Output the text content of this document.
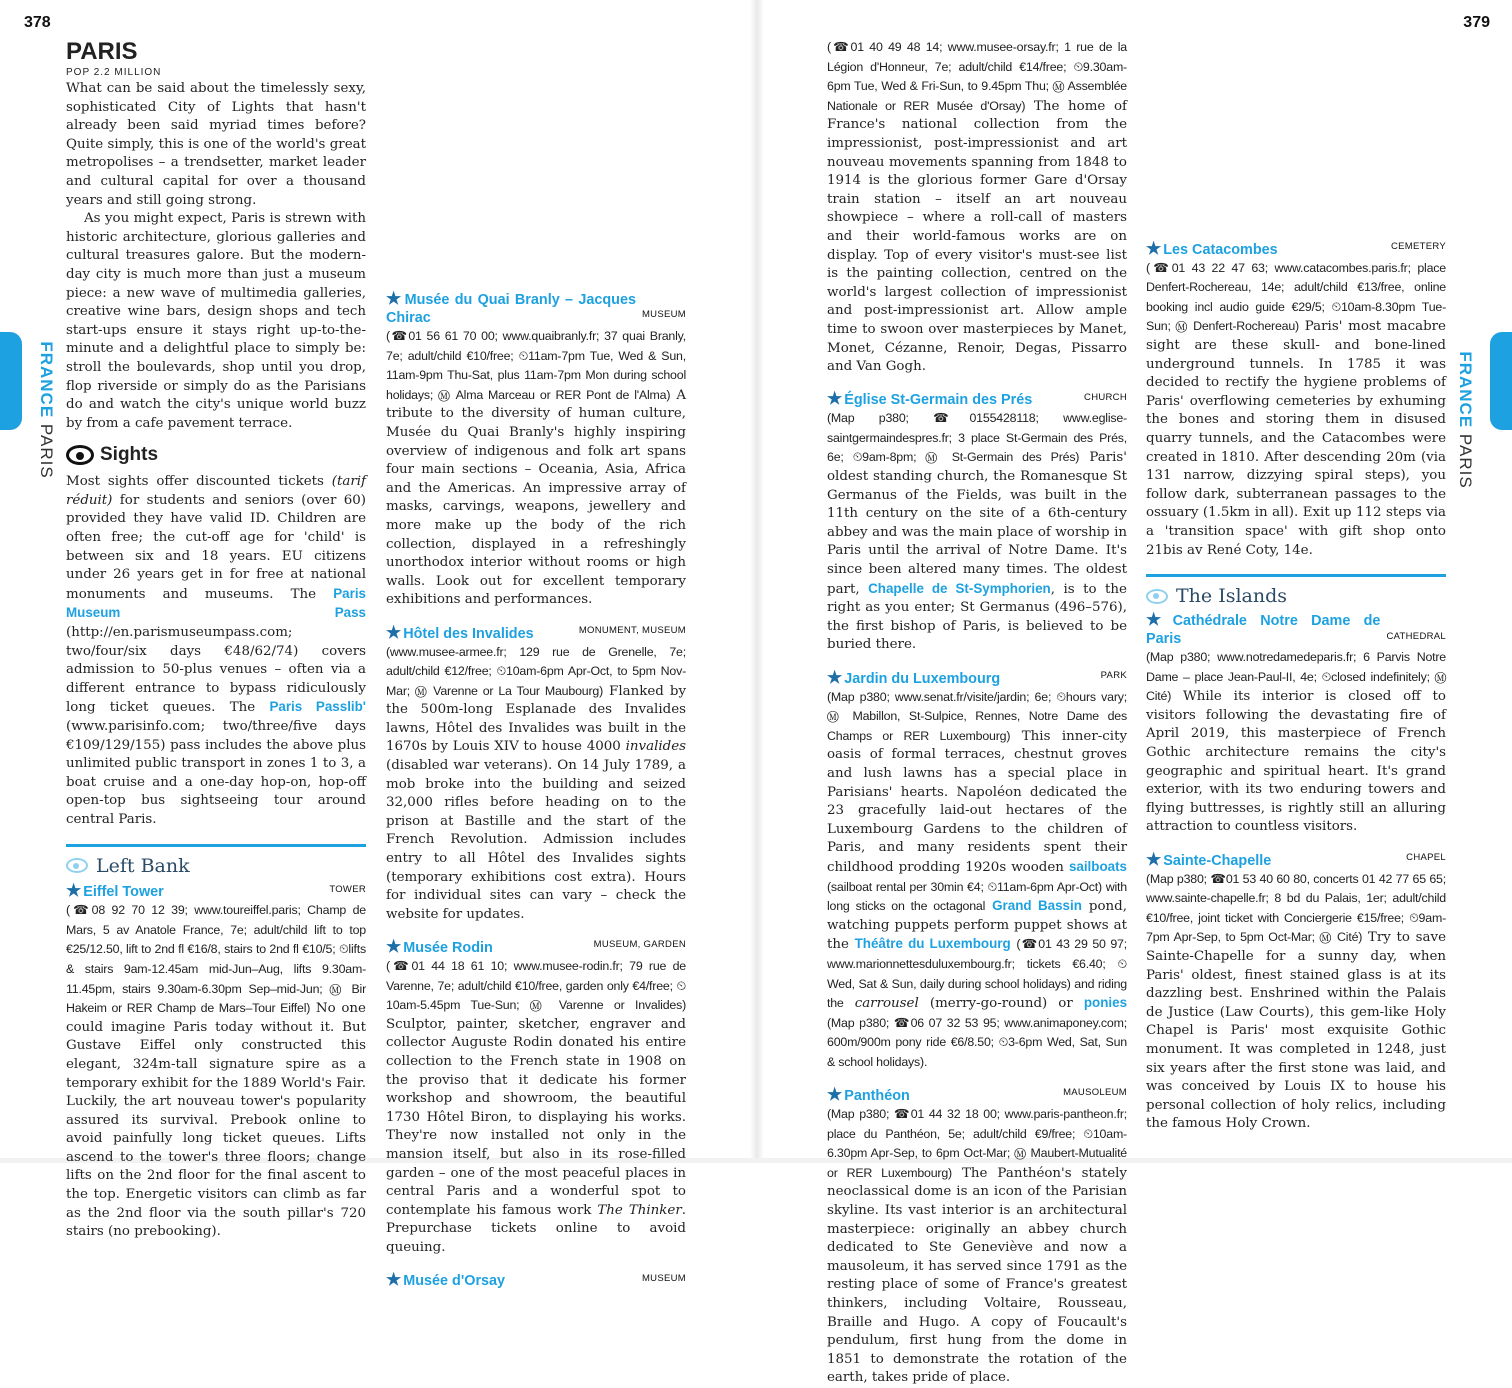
378	379
FRANCE PARIS
FRANCE PARIS

PARIS

POP 2.2 MILLION

What can be said about the timelessly sexy, sophisticated City of Lights that hasn't already been said myriad times before? Quite simply, this is one of the world's great metropolises – a trendsetter, market leader and cultural capital for over a thousand years and still going strong.

As you might expect, Paris is strewn with historic architecture, glorious galleries and cultural treasures galore. But the modern-day city is much more than just a museum piece: a new wave of multimedia galleries, creative wine bars, design shops and tech start-ups ensure it stays right up-to-the-minute and a delightful place to simply be: stroll the boulevards, shop until you drop, flop riverside or simply do as the Parisians do and watch the city's unique world buzz by from a cafe pavement terrace.

Sights

Most sights offer discounted tickets (tarif réduit) for students and seniors (over 60) provided they have valid ID. Children are often free; the cut-off age for 'child' is between six and 18 years. EU citizens under 26 years get in for free at national monuments and museums. The Paris Museum Pass (http://en.parismuseumpass.com; two/four/six days €48/62/74) covers admission to 50-plus venues – often via a different entrance to bypass ridiculously long ticket queues. The Paris Passlib' (www.parisinfo.com; two/three/five days €109/129/155) pass includes the above plus unlimited public transport in zones 1 to 3, a boat cruise and a one-day hop-on, hop-off open-top bus sightseeing tour around central Paris.

Left Bank
★ Eiffel Tower	TOWER

(☎08 92 70 12 39; www.toureiffel.paris; Champ de Mars, 5 av Anatole France, 7e; adult/child lift to top €25/12.50, lift to 2nd fl €16/8, stairs to 2nd fl €10/5; ⏲lifts & stairs 9am-12.45am mid-Jun–Aug, lifts 9.30am-11.45pm, stairs 9.30am-6.30pm Sep–mid-Jun; Ⓜ Bir Hakeim or RER Champ de Mars–Tour Eiffel) No one could imagine Paris today without it. But Gustave Eiffel only constructed this elegant, 324m-tall signature spire as a temporary exhibit for the 1889 World's Fair. Luckily, the art nouveau tower's popularity assured its survival. Prebook online to avoid painfully long ticket queues. Lifts ascend to the tower's three floors; change lifts on the 2nd floor for the final ascent to the top. Energetic visitors can climb as far as the 2nd floor via the south pillar's 720 stairs (no prebooking).

★ Musée du Quai Branly – Jacques Chirac	MUSEUM

(☎01 56 61 70 00; www.quaibranly.fr; 37 quai Branly, 7e; adult/child €10/free; ⏲11am-7pm Tue, Wed & Sun, 11am-9pm Thu-Sat, plus 11am-7pm Mon during school holidays; Ⓜ Alma Marceau or RER Pont de l'Alma) A tribute to the diversity of human culture, Musée du Quai Branly's highly inspiring overview of indigenous and folk art spans four main sections – Oceania, Asia, Africa and the Americas. An impressive array of masks, carvings, weapons, jewellery and more make up the body of the rich collection, displayed in a refreshingly unorthodox interior without rooms or high walls. Look out for excellent temporary exhibitions and performances.

★ Hôtel des Invalides	MONUMENT, MUSEUM

(www.musee-armee.fr; 129 rue de Grenelle, 7e; adult/child €12/free; ⏲10am-6pm Apr-Oct, to 5pm Nov-Mar; Ⓜ Varenne or La Tour Maubourg) Flanked by the 500m-long Esplanade des Invalides lawns, Hôtel des Invalides was built in the 1670s by Louis XIV to house 4000 invalides (disabled war veterans). On 14 July 1789, a mob broke into the building and seized 32,000 rifles before heading on to the prison at Bastille and the start of the French Revolution. Admission includes entry to all Hôtel des Invalides sights (temporary exhibitions cost extra). Hours for individual sites can vary – check the website for updates.

★ Musée Rodin	MUSEUM, GARDEN

(☎01 44 18 61 10; www.musee-rodin.fr; 79 rue de Varenne, 7e; adult/child €10/free, garden only €4/free; ⏲10am-5.45pm Tue-Sun; Ⓜ Varenne or Invalides) Sculptor, painter, sketcher, engraver and collector Auguste Rodin donated his entire collection to the French state in 1908 on the proviso that it dedicate his former workshop and showroom, the beautiful 1730 Hôtel Biron, to displaying his works. They're now installed not only in the mansion itself, but also in its rose-filled garden – one of the most peaceful places in central Paris and a wonderful spot to contemplate his famous work The Thinker. Prepurchase tickets online to avoid queuing.

★ Musée d'Orsay	MUSEUM

(☎01 40 49 48 14; www.musee-orsay.fr; 1 rue de la Légion d'Honneur, 7e; adult/child €14/free; ⏲9.30am-6pm Tue, Wed & Fri-Sun, to 9.45pm Thu; Ⓜ Assemblée Nationale or RER Musée d'Orsay) The home of France's national collection from the impressionist, post-impressionist and art nouveau movements spanning from 1848 to 1914 is the glorious former Gare d'Orsay train station – itself an art nouveau showpiece – where a roll-call of masters and their world-famous works are on display. Top of every visitor's must-see list is the painting collection, centred on the world's largest collection of impressionist and post-impressionist art. Allow ample time to swoon over masterpieces by Manet, Monet, Cézanne, Renoir, Degas, Pissarro and Van Gogh.

★ Église St-Germain des Prés	CHURCH

(Map p380; ☎0155428118; www.eglise-saintgermaindespres.fr; 3 place St-Germain des Prés, 6e; ⏲9am-8pm; Ⓜ St-Germain des Prés) Paris' oldest standing church, the Romanesque St Germanus of the Fields, was built in the 11th century on the site of a 6th-century abbey and was the main place of worship in Paris until the arrival of Notre Dame. It's since been altered many times. The oldest part, Chapelle de St-Symphorien, is to the right as you enter; St Germanus (496–576), the first bishop of Paris, is believed to be buried there.

★ Jardin du Luxembourg	PARK

(Map p380; www.senat.fr/visite/jardin; 6e; ⏲hours vary; Ⓜ Mabillon, St-Sulpice, Rennes, Notre Dame des Champs or RER Luxembourg) This inner-city oasis of formal terraces, chestnut groves and lush lawns has a special place in Parisians' hearts. Napoléon dedicated the 23 gracefully laid-out hectares of the Luxembourg Gardens to the children of Paris, and many residents spent their childhood prodding 1920s wooden sailboats (sailboat rental per 30min €4; ⏲11am-6pm Apr-Oct) with long sticks on the octagonal Grand Bassin pond, watching puppets perform puppet shows at the Théâtre du Luxembourg (☎01 43 29 50 97; www.marionnettesduluxembourg.fr; tickets €6.40; ⏲Wed, Sat & Sun, daily during school holidays) and riding the carrousel (merry-go-round) or ponies (Map p380; ☎06 07 32 53 95; www.animaponey.com; 600m/900m pony ride €6/8.50; ⏲3-6pm Wed, Sat, Sun & school holidays).

★ Panthéon	MAUSOLEUM

(Map p380; ☎01 44 32 18 00; www.paris-pantheon.fr; place du Panthéon, 5e; adult/child €9/free; ⏲10am-6.30pm Apr-Sep, to 6pm Oct-Mar; Ⓜ Maubert-Mutualité or RER Luxembourg) The Panthéon's stately neoclassical dome is an icon of the Parisian skyline. Its vast interior is an architectural masterpiece: originally an abbey church dedicated to Ste Geneviève and now a mausoleum, it has served since 1791 as the resting place of some of France's greatest thinkers, including Voltaire, Rousseau, Braille and Hugo. A copy of Foucault's pendulum, first hung from the dome in 1851 to demonstrate the rotation of the earth, takes pride of place.

★ Les Catacombes	CEMETERY

(☎01 43 22 47 63; www.catacombes.paris.fr; place Denfert-Rochereau, 14e; adult/child €13/free, online booking incl audio guide €29/5; ⏲10am-8.30pm Tue-Sun; Ⓜ Denfert-Rochereau) Paris' most macabre sight are these skull- and bone-lined underground tunnels. In 1785 it was decided to rectify the hygiene problems of Paris' overflowing cemeteries by exhuming the bones and storing them in disused quarry tunnels, and the Catacombes were created in 1810. After descending 20m (via 131 narrow, dizzying spiral steps), you follow dark, subterranean passages to the ossuary (1.5km in all). Exit up 112 steps via a 'transition space' with gift shop onto 21bis av René Coty, 14e.

The Islands
★ Cathédrale Notre Dame de Paris	CATHEDRAL

(Map p380; www.notredamedeparis.fr; 6 Parvis Notre Dame – place Jean-Paul-II, 4e; ⏲closed indefinitely; Ⓜ Cité) While its interior is closed off to visitors following the devastating fire of April 2019, this masterpiece of French Gothic architecture remains the city's geographic and spiritual heart. It's grand exterior, with its two enduring towers and flying buttresses, is rightly still an alluring attraction to countless visitors.

★ Sainte-Chapelle	CHAPEL

(Map p380; ☎01 53 40 60 80, concerts 01 42 77 65 65; www.sainte-chapelle.fr; 8 bd du Palais, 1er; adult/child €10/free, joint ticket with Conciergerie €15/free; ⏲9am-7pm Apr-Sep, to 5pm Oct-Mar; Ⓜ Cité) Try to save Sainte-Chapelle for a sunny day, when Paris' oldest, finest stained glass is at its dazzling best. Enshrined within the Palais de Justice (Law Courts), this gem-like Holy Chapel is Paris' most exquisite Gothic monument. It was completed in 1248, just six years after the first stone was laid, and was conceived by Louis IX to house his personal collection of holy relics, including the famous Holy Crown.
